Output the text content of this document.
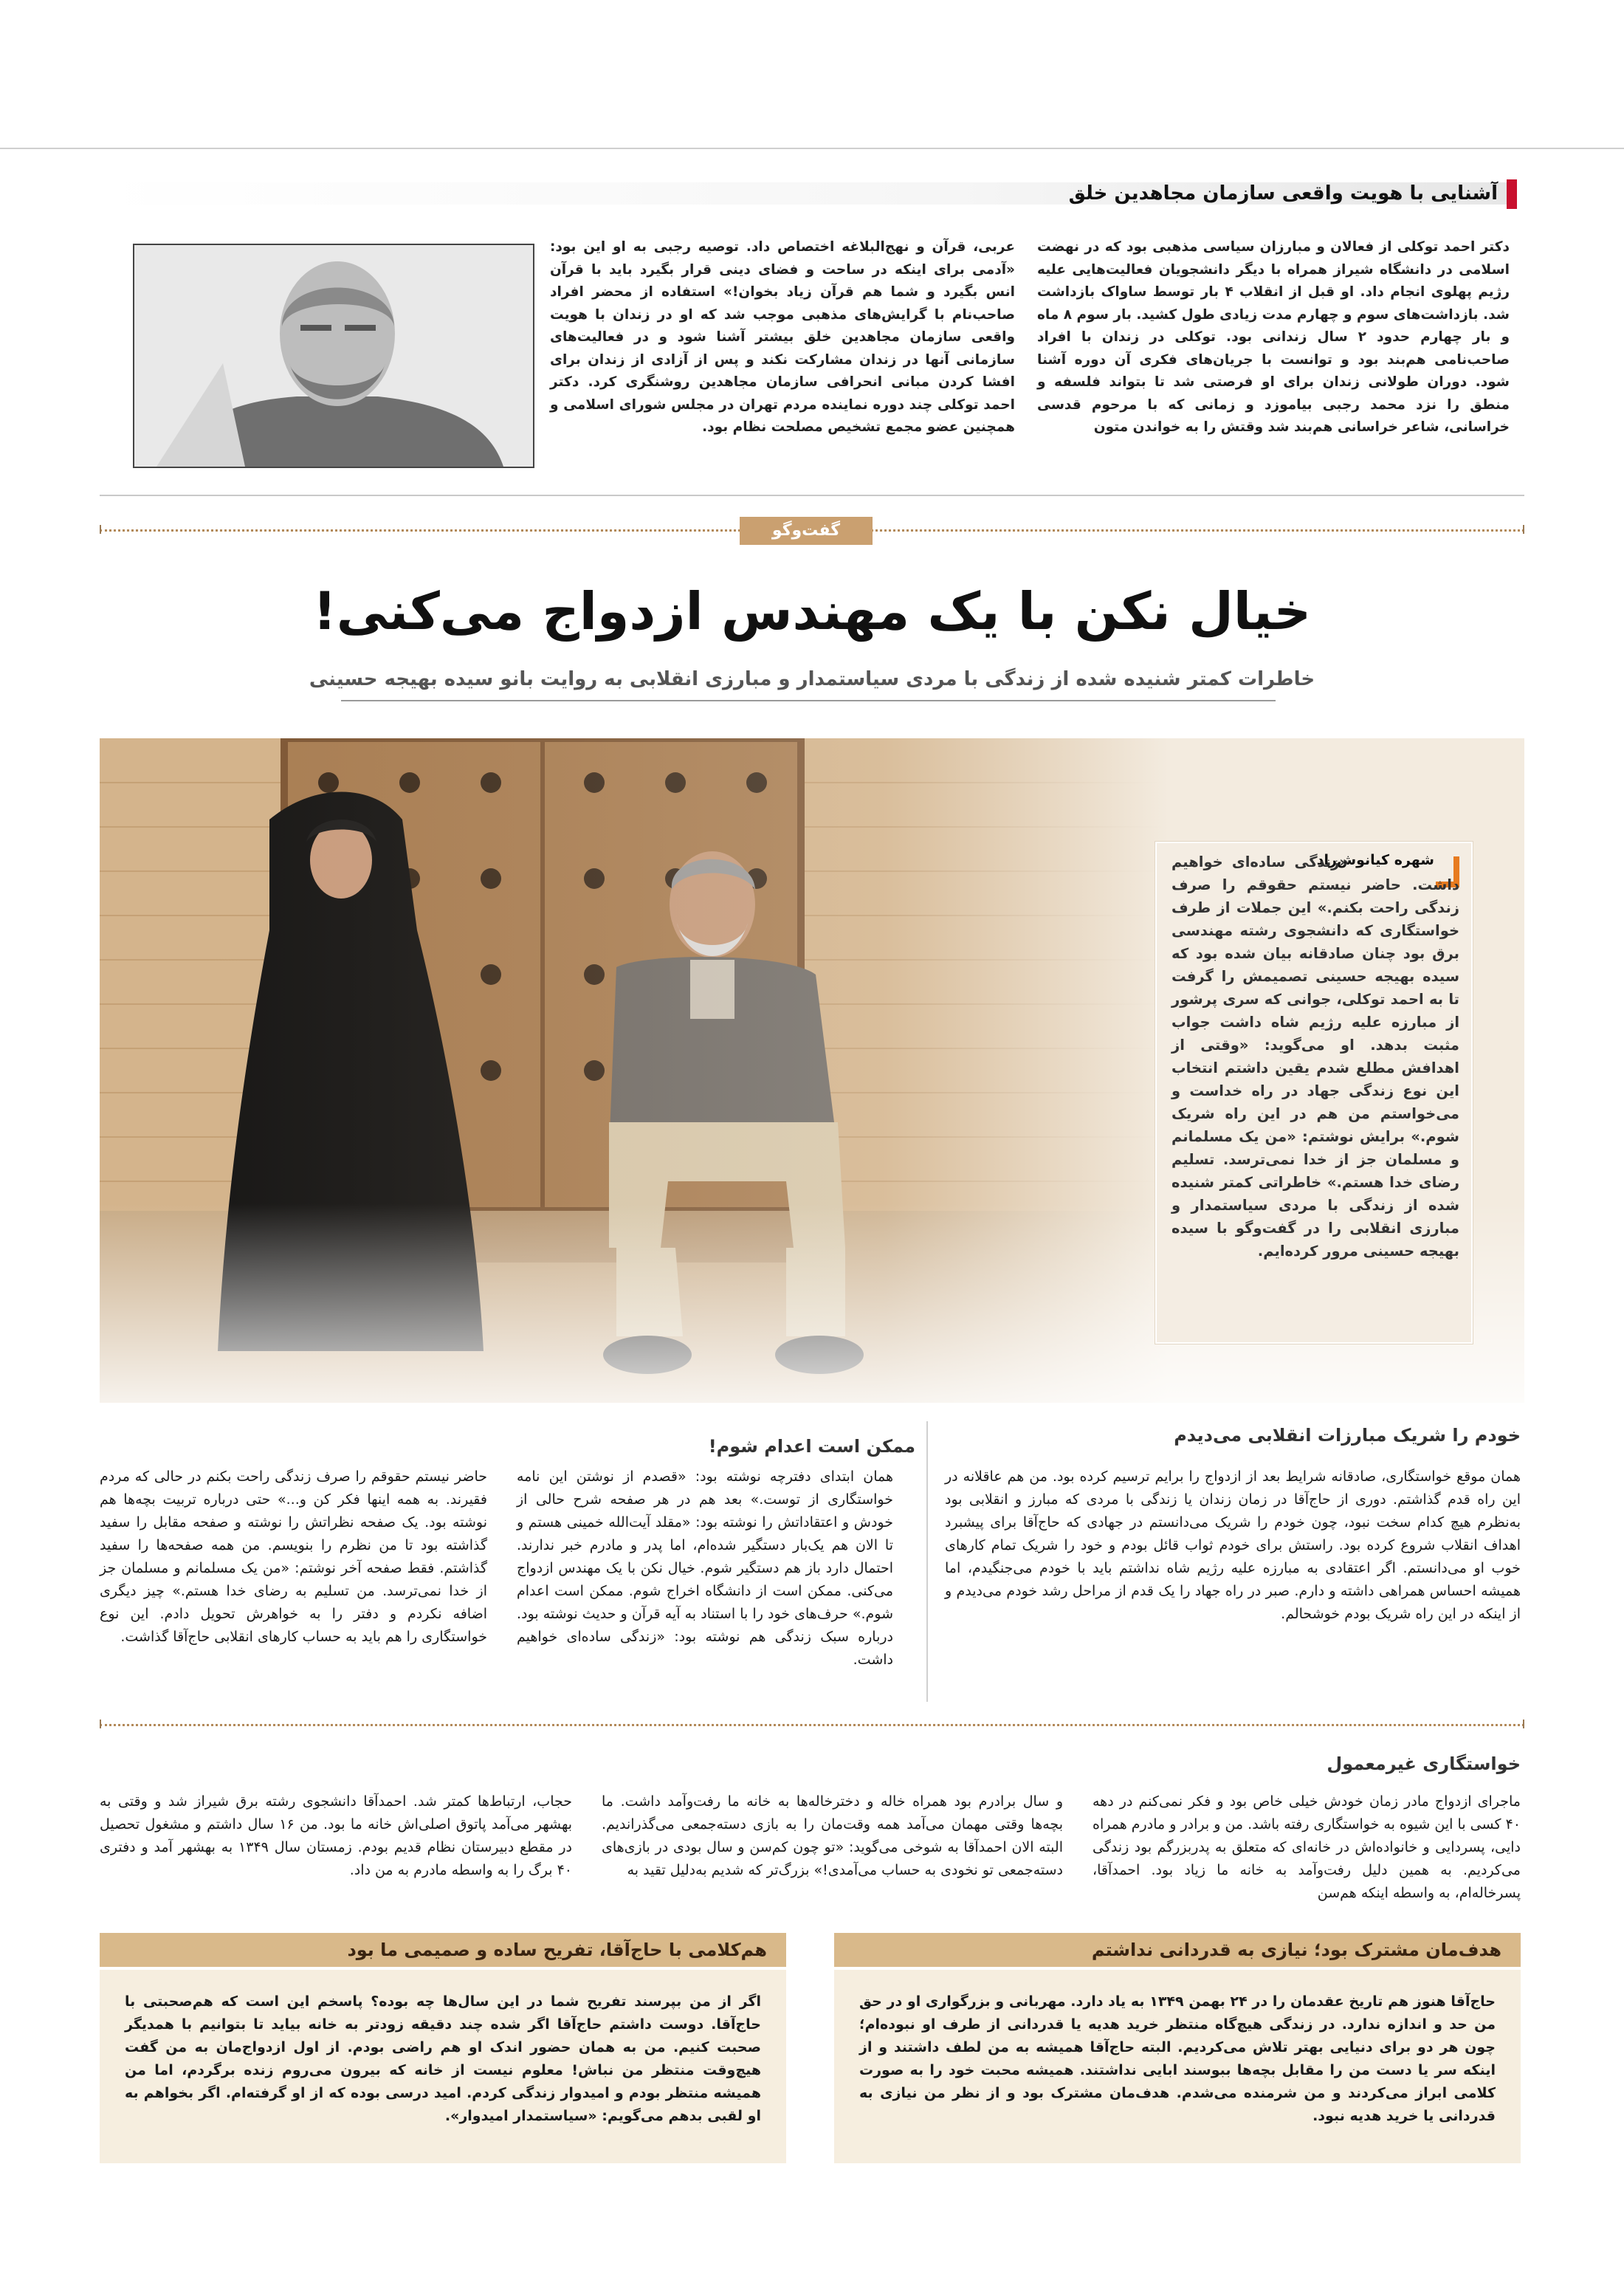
آشنایی با هویت واقعی سازمان مجاهدین خلق
دکتر احمد توکلی از فعالان و مبارزان سیاسی مذهبی بود که در نهضت اسلامی در دانشگاه شیراز همراه با دیگر دانشجویان فعالیت‌هایی علیه رژیم پهلوی انجام داد. او قبل از انقلاب ۴ بار توسط ساواک بازداشت شد. بازداشت‌های سوم و چهارم مدت زیادی طول کشید. بار سوم ۸ ماه و بار چهارم حدود ۲ سال زندانی بود. توکلی در زندان با افراد صاحب‌نامی هم‌بند بود و توانست با جریان‌های فکری آن دوره آشنا شود. دوران طولانی زندان برای او فرصتی شد تا بتواند فلسفه و منطق را نزد محمد رجبی بیاموزد و زمانی که با مرحوم قدسی خراسانی، شاعر خراسانی هم‌بند شد وقتش را به خواندن متون
عربی، قرآن و نهج‌البلاغه اختصاص داد. توصیه رجبی به او این بود: «آدمی برای اینکه در ساحت و فضای دینی قرار بگیرد باید با قرآن انس بگیرد و شما هم قرآن زیاد بخوان!» استفاده از محضر افراد صاحب‌نام با گرایش‌های مذهبی موجب شد که او در زندان با هویت واقعی سازمان مجاهدین خلق بیشتر آشنا شود و در فعالیت‌های سازمانی آنها در زندان مشارکت نکند و پس از آزادی از زندان برای افشا کردن مبانی انحرافی سازمان مجاهدین روشنگری کرد. دکتر احمد توکلی چند دوره نماینده مردم تهران در مجلس شورای اسلامی و همچنین عضو مجمع تشخیص مصلحت نظام بود.
گفت‌وگو
خیال نکن با یک مهندس ازدواج می‌کنی!
خاطرات کمتر شنیده شده از زندگی با مردی سیاستمدار و مبارزی انقلابی به روایت بانو سیده بهیجه حسینی
شهره کیانوش‌راد
«زندگی ساده‌ای خواهیم داشت. حاضر نیستم حقوقم را صرف زندگی راحت بکنم.» این جملات از طرف خواستگاری که دانشجوی رشته مهندسی برق بود چنان صادقانه بیان شده بود که سیده بهیجه حسینی تصمیمش را گرفت تا به احمد توکلی، جوانی که سری پرشور از مبارزه علیه رژیم شاه داشت جواب مثبت بدهد. او می‌گوید: «وقتی از اهدافش مطلع شدم یقین داشتم انتخاب این نوع زندگی جهاد در راه خداست و می‌خواستم من هم در این راه شریک شوم.» برایش نوشتم: «من یک مسلمانم و مسلمان جز از خدا نمی‌ترسد. تسلیم رضای خدا هستم.» خاطراتی کمتر شنیده شده از زندگی با مردی سیاستمدار و مبارزی انقلابی را در گفت‌وگو با سیده بهیجه حسینی مرور کرده‌ایم.
خودم را شریک مبارزات انقلابی می‌دیدم
همان موقع خواستگاری، صادقانه شرایط بعد از ازدواج را برایم ترسیم کرده بود. من هم عاقلانه در این راه قدم گذاشتم. دوری از حاج‌آقا در زمان زندان یا زندگی با مردی که مبارز و انقلابی بود به‌نظرم هیچ کدام سخت نبود، چون خودم را شریک می‌دانستم در جهادی که حاج‌آقا برای پیشبرد اهداف انقلاب شروع کرده بود. راستش برای خودم ثواب قائل بودم و خود را شریک تمام کارهای خوب او می‌دانستم. اگر اعتقادی به مبارزه علیه رژیم شاه نداشتم باید با خودم می‌جنگیدم، اما همیشه احساس همراهی داشته و دارم. صبر در راه جهاد را یک قدم از مراحل رشد خودم می‌دیدم و از اینکه در این راه شریک بودم خوشحالم.
ممکن است اعدام شوم!
همان ابتدای دفترچه نوشته بود: «قصدم از نوشتن این نامه خواستگاری از توست.» بعد هم در هر صفحه شرح حالی از خودش و اعتقاداتش را نوشته بود: «مقلد آیت‌الله خمینی هستم و تا الان هم یک‌بار دستگیر شده‌ام، اما پدر و مادرم خبر ندارند. احتمال دارد باز هم دستگیر شوم. خیال نکن با یک مهندس ازدواج می‌کنی. ممکن است از دانشگاه اخراج شوم. ممکن است اعدام شوم.» حرف‌های خود را با استناد به آیه قرآن و حدیث نوشته بود. درباره سبک زندگی هم نوشته بود: «زندگی ساده‌ای خواهیم داشت.
حاضر نیستم حقوقم را صرف زندگی راحت بکنم در حالی که مردم فقیرند. به همه اینها فکر کن و...» حتی درباره تربیت بچه‌ها هم نوشته بود. یک صفحه نظراتش را نوشته و صفحه مقابل را سفید گذاشته بود تا من نظرم را بنویسم. من همه صفحه‌ها را سفید گذاشتم. فقط صفحه آخر نوشتم: «من یک مسلمانم و مسلمان جز از خدا نمی‌ترسد. من تسلیم به رضای خدا هستم.» چیز دیگری اضافه نکردم و دفتر را به خواهرش تحویل دادم. این نوع خواستگاری را هم باید به حساب کارهای انقلابی حاج‌آقا گذاشت.
خواستگاری غیرمعمول
ماجرای ازدواج مادر زمان خودش خیلی خاص بود و فکر نمی‌کنم در دهه ۴۰ کسی با این شیوه به خواستگاری رفته باشد. من و برادر و مادرم همراه دایی، پسردایی و خانواده‌اش در خانه‌ای که متعلق به پدربزرگم بود زندگی می‌کردیم. به همین دلیل رفت‌وآمد به خانه ما زیاد بود. احمدآقا، پسرخاله‌ام، به واسطه اینکه هم‌سن
و سال برادرم بود همراه خاله و دخترخاله‌ها به خانه ما رفت‌وآمد داشت. ما بچه‌ها وقتی مهمان می‌آمد همه وقت‌مان را به بازی دسته‌جمعی می‌گذراندیم. البته الان احمدآقا به شوخی می‌گوید: «تو چون کم‌سن و سال بودی در بازی‌های دسته‌جمعی تو نخودی به حساب می‌آمدی!» بزرگ‌تر که شدیم به‌دلیل تقید به
حجاب، ارتباط‌ها کمتر شد. احمدآقا دانشجوی رشته برق شیراز شد و وقتی به بهشهر می‌آمد پاتوق اصلی‌اش خانه ما بود. من ۱۶ سال داشتم و مشغول تحصیل در مقطع دبیرستان نظام قدیم بودم. زمستان سال ۱۳۴۹ به بهشهر آمد و دفتری ۴۰ برگ را به واسطه مادرم به من داد.
هدف‌مان مشترک بود؛ نیازی به قدردانی نداشتم
حاج‌آقا هنوز هم تاریخ عقدمان را در ۲۴ بهمن ۱۳۴۹ به یاد دارد. مهربانی و بزرگواری او در حق من حد و اندازه ندارد. در زندگی هیچ‌گاه منتظر خرید هدیه یا قدردانی از طرف او نبوده‌ام؛ چون هر دو برای دنیایی بهتر تلاش می‌کردیم. البته حاج‌آقا همیشه به من لطف داشتند و از اینکه سر یا دست من را مقابل بچه‌ها ببوسند ابایی نداشتند. همیشه محبت خود را به صورت کلامی ابراز می‌کردند و من شرمنده می‌شدم. هدف‌مان مشترک بود و از نظر من نیازی به قدردانی یا خرید هدیه نبود.
هم‌کلامی با حاج‌آقا، تفریح ساده و صمیمی ما بود
اگر از من بپرسند تفریح شما در این سال‌ها چه بوده؟ پاسخم این است که هم‌صحبتی با حاج‌آقا. دوست داشتم حاج‌آقا اگر شده چند دقیقه زودتر به خانه بیاید تا بتوانیم با همدیگر صحبت کنیم. من به همان حضور اندک او هم راضی بودم. از اول ازدواج‌مان به من گفت هیچ‌وقت منتظر من نباش! معلوم نیست از خانه که بیرون می‌روم زنده برگردم، اما من همیشه منتظر بودم و امیدوار زندگی کردم. امید درسی بوده که از او گرفته‌ام. اگر بخواهم به او لقبی بدهم می‌گویم: «سیاستمدار امیدوار».
